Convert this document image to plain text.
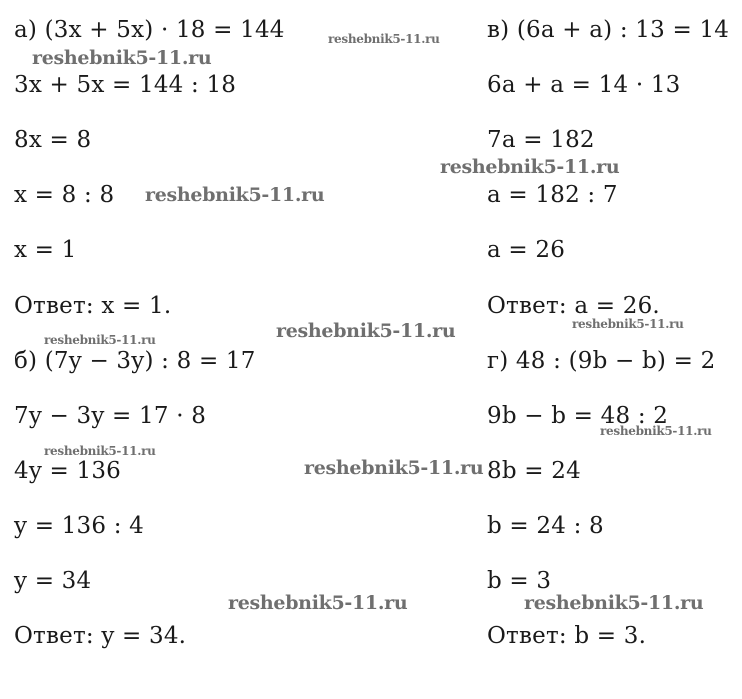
а) (3x + 5x) · 18 = 144
3x + 5x = 144 : 18
8x = 8
x = 8 : 8
x = 1
Ответ: x = 1.
б) (7y − 3y) : 8 = 17
7y − 3y = 17 · 8
4y = 136
y = 136 : 4
y = 34
Ответ: y = 34.
в) (6a + a) : 13 = 14
6a + a = 14 · 13
7a = 182
a = 182 : 7
a = 26
Ответ: a = 26.
г) 48 : (9b − b) = 2
9b − b = 48 : 2
8b = 24
b = 24 : 8
b = 3
Ответ: b = 3.
reshebnik5-11.ru
reshebnik5-11.ru
reshebnik5-11.ru
reshebnik5-11.ru
reshebnik5-11.ru
reshebnik5-11.ru
reshebnik5-11.ru
reshebnik5-11.ru
reshebnik5-11.ru
reshebnik5-11.ru
reshebnik5-11.ru	reshebnik5-11.ru
